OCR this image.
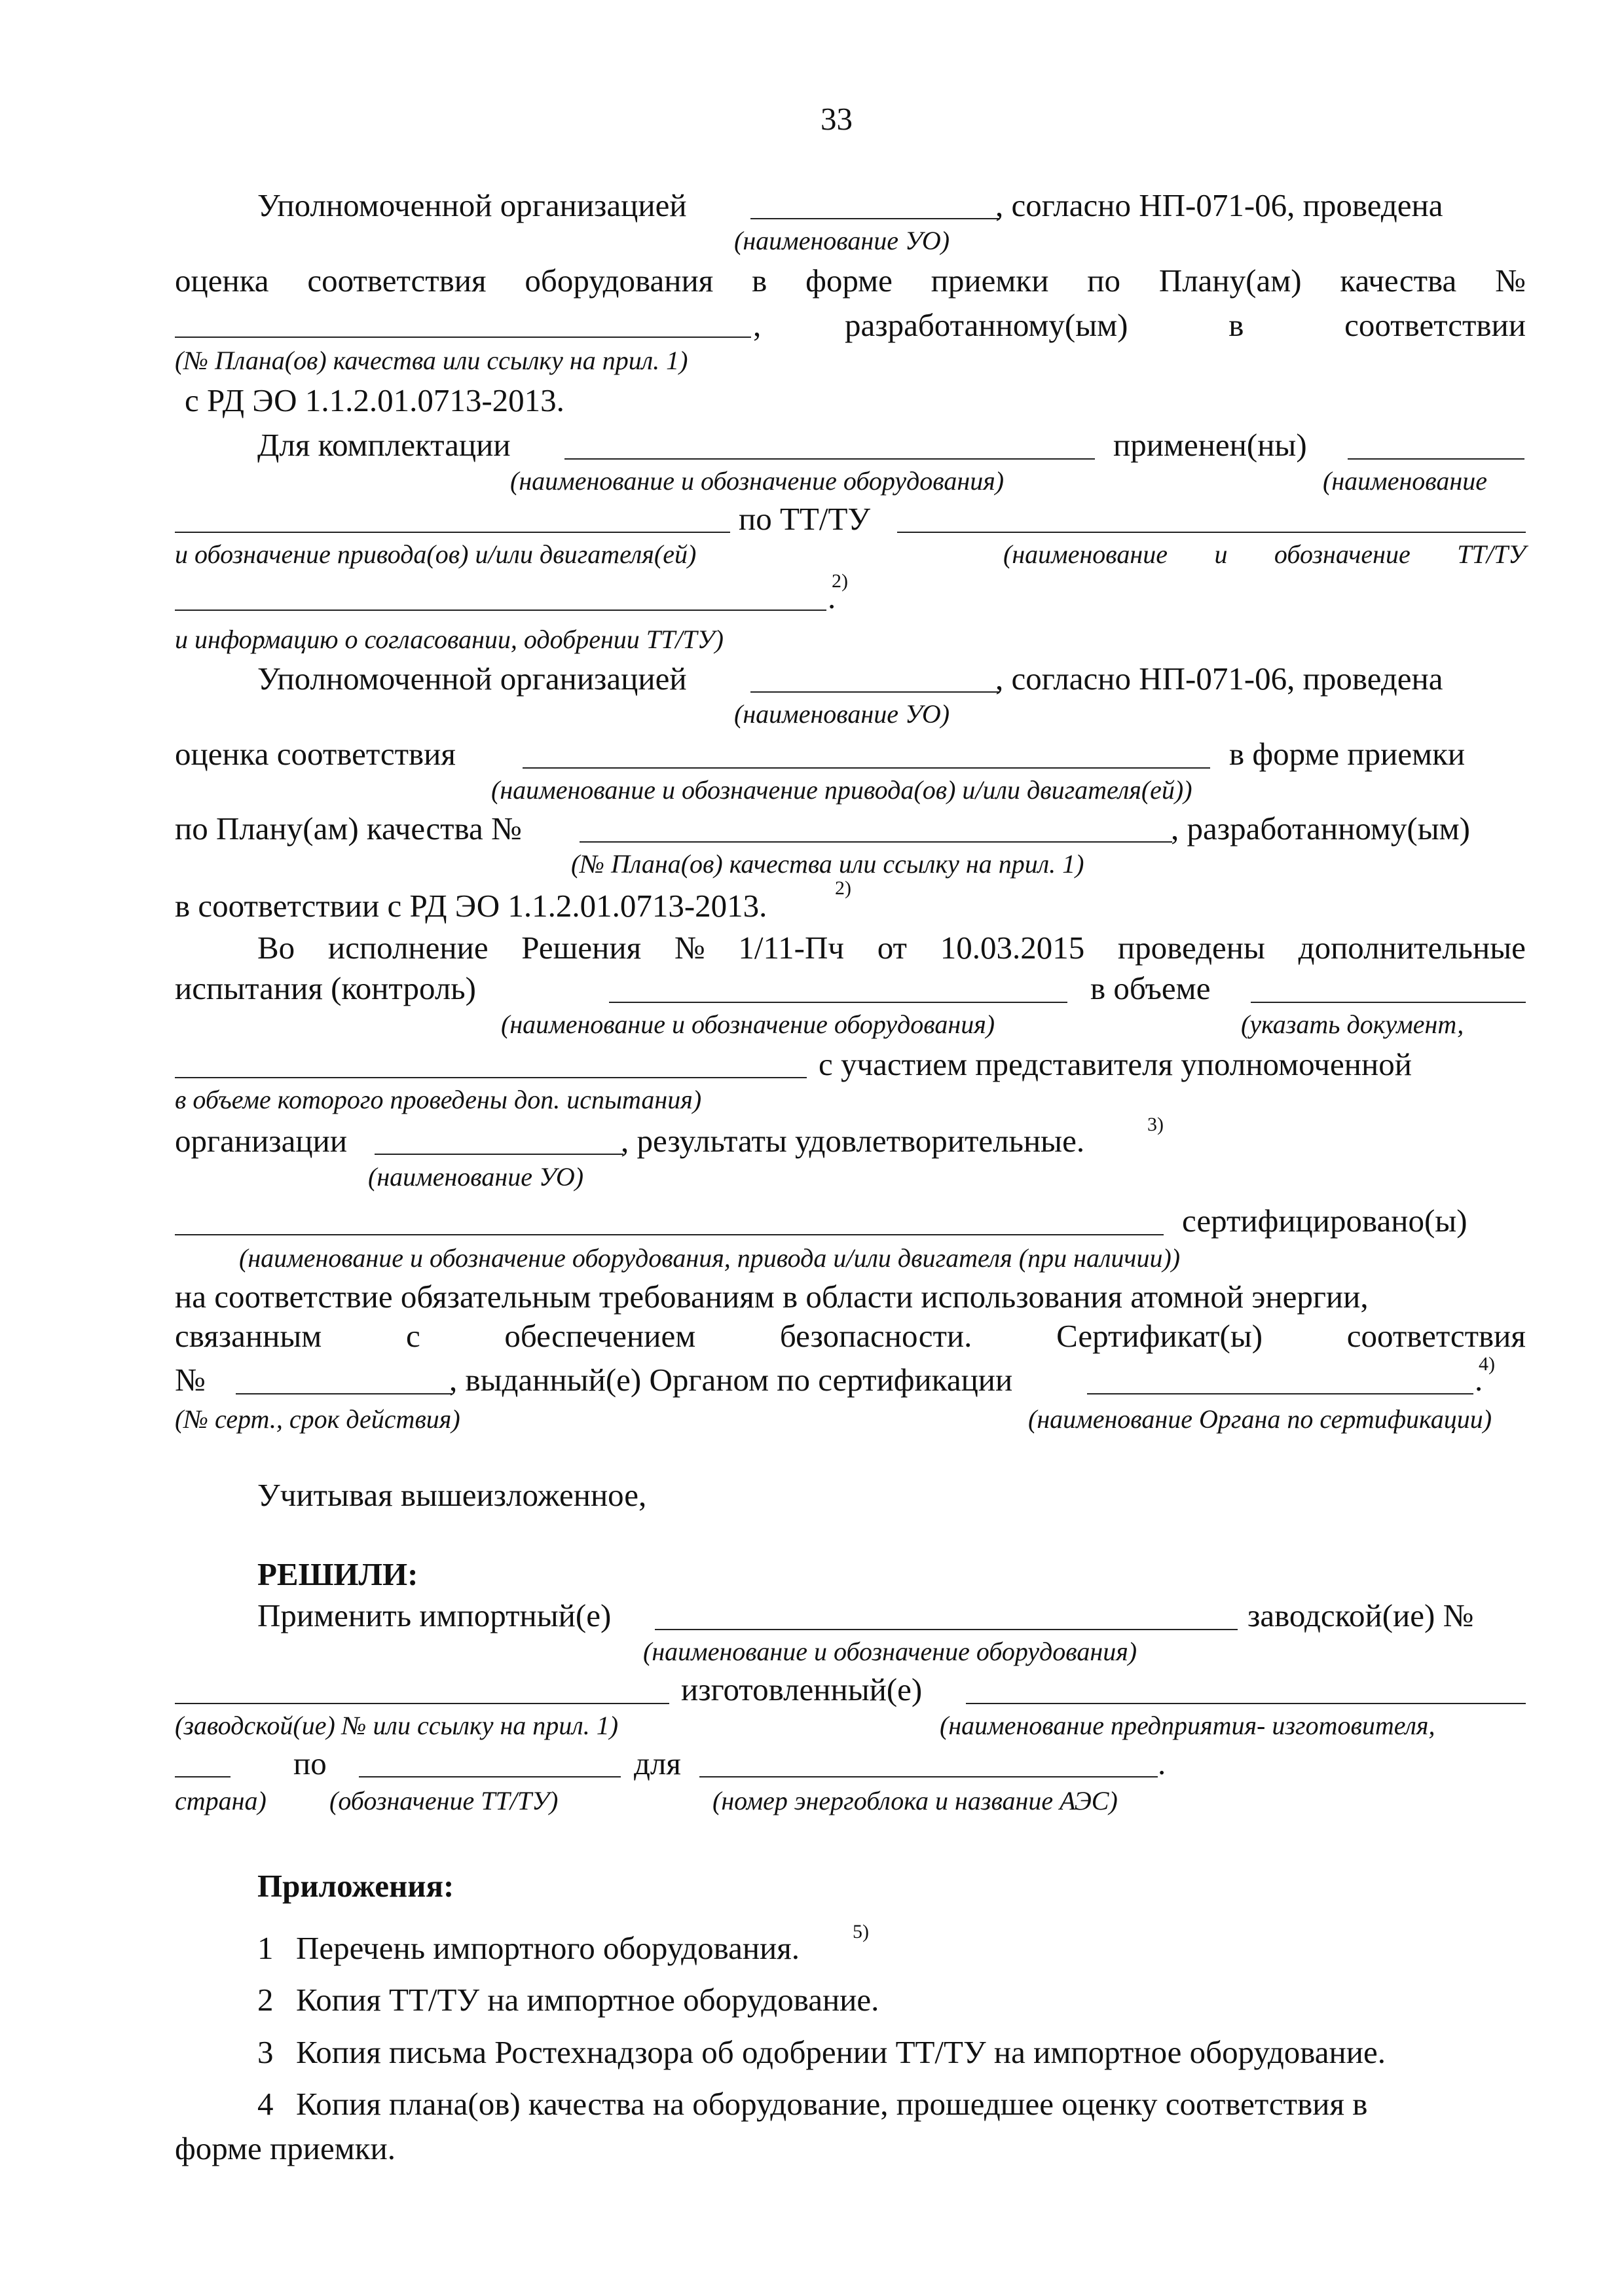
33
Уполномоченной организацией	, согласно НП-071-06, проведена
(наименование УО)
оценка соответствия оборудования в форме приемки по Плану(ам) качества №
,	разработанному(ым)	в	соответствии
(№ Плана(ов) качества или ссылку на прил. 1)
с РД ЭО 1.1.2.01.0713-2013.
Для комплектации	применен(ны)
(наименование и обозначение оборудования)	(наименование
по ТТ/ТУ
и обозначение привода(ов) и/или двигателя(ей)	(наименование и обозначение ТТ/ТУ
.
2)
и информацию о согласовании, одобрении ТТ/ТУ)
Уполномоченной организацией	, согласно НП-071-06, проведена
(наименование УО)
оценка соответствия	в форме приемки
(наименование и обозначение привода(ов) и/или двигателя(ей))
по Плану(ам) качества №	, разработанному(ым)
(№ Плана(ов) качества или ссылку на прил. 1)
в соответствии с РД ЭО 1.1.2.01.0713-2013.	2)
Во исполнение Решения № 1/11-Пч от 10.03.2015 проведены дополнительные
испытания (контроль)	в объеме
(наименование и обозначение оборудования)	(указать документ,
с участием представителя уполномоченной
в объеме которого проведены доп. испытания)
организации	, результаты удовлетворительные.	3)
(наименование УО)
сертифицировано(ы)
(наименование и обозначение оборудования, привода и/или двигателя (при наличии))
на соответствие обязательным требованиям в области использования атомной энергии,
связанным	с	обеспечением	безопасности.	Сертификат(ы)	соответствия
№	, выданный(е) Органом по сертификации	.
4)
(№ серт., срок действия)	(наименование Органа по сертификации)
Учитывая вышеизложенное,
РЕШИЛИ:
Применить импортный(е)	заводской(ие) №
(наименование и обозначение оборудования)
изготовленный(е)
(заводской(ие) № или ссылку на прил. 1)	(наименование предприятия- изготовителя,
по	для	.
страна) (обозначение ТТ/ТУ)	(номер энергоблока и название АЭС)
Приложения:
1 Перечень импортного оборудования.	5)
2 Копия ТТ/ТУ на импортное оборудование.
3 Копия письма Ростехнадзора об одобрении ТТ/ТУ на импортное оборудование.
4 Копия плана(ов) качества на оборудование, прошедшее оценку соответствия в
форме приемки.
